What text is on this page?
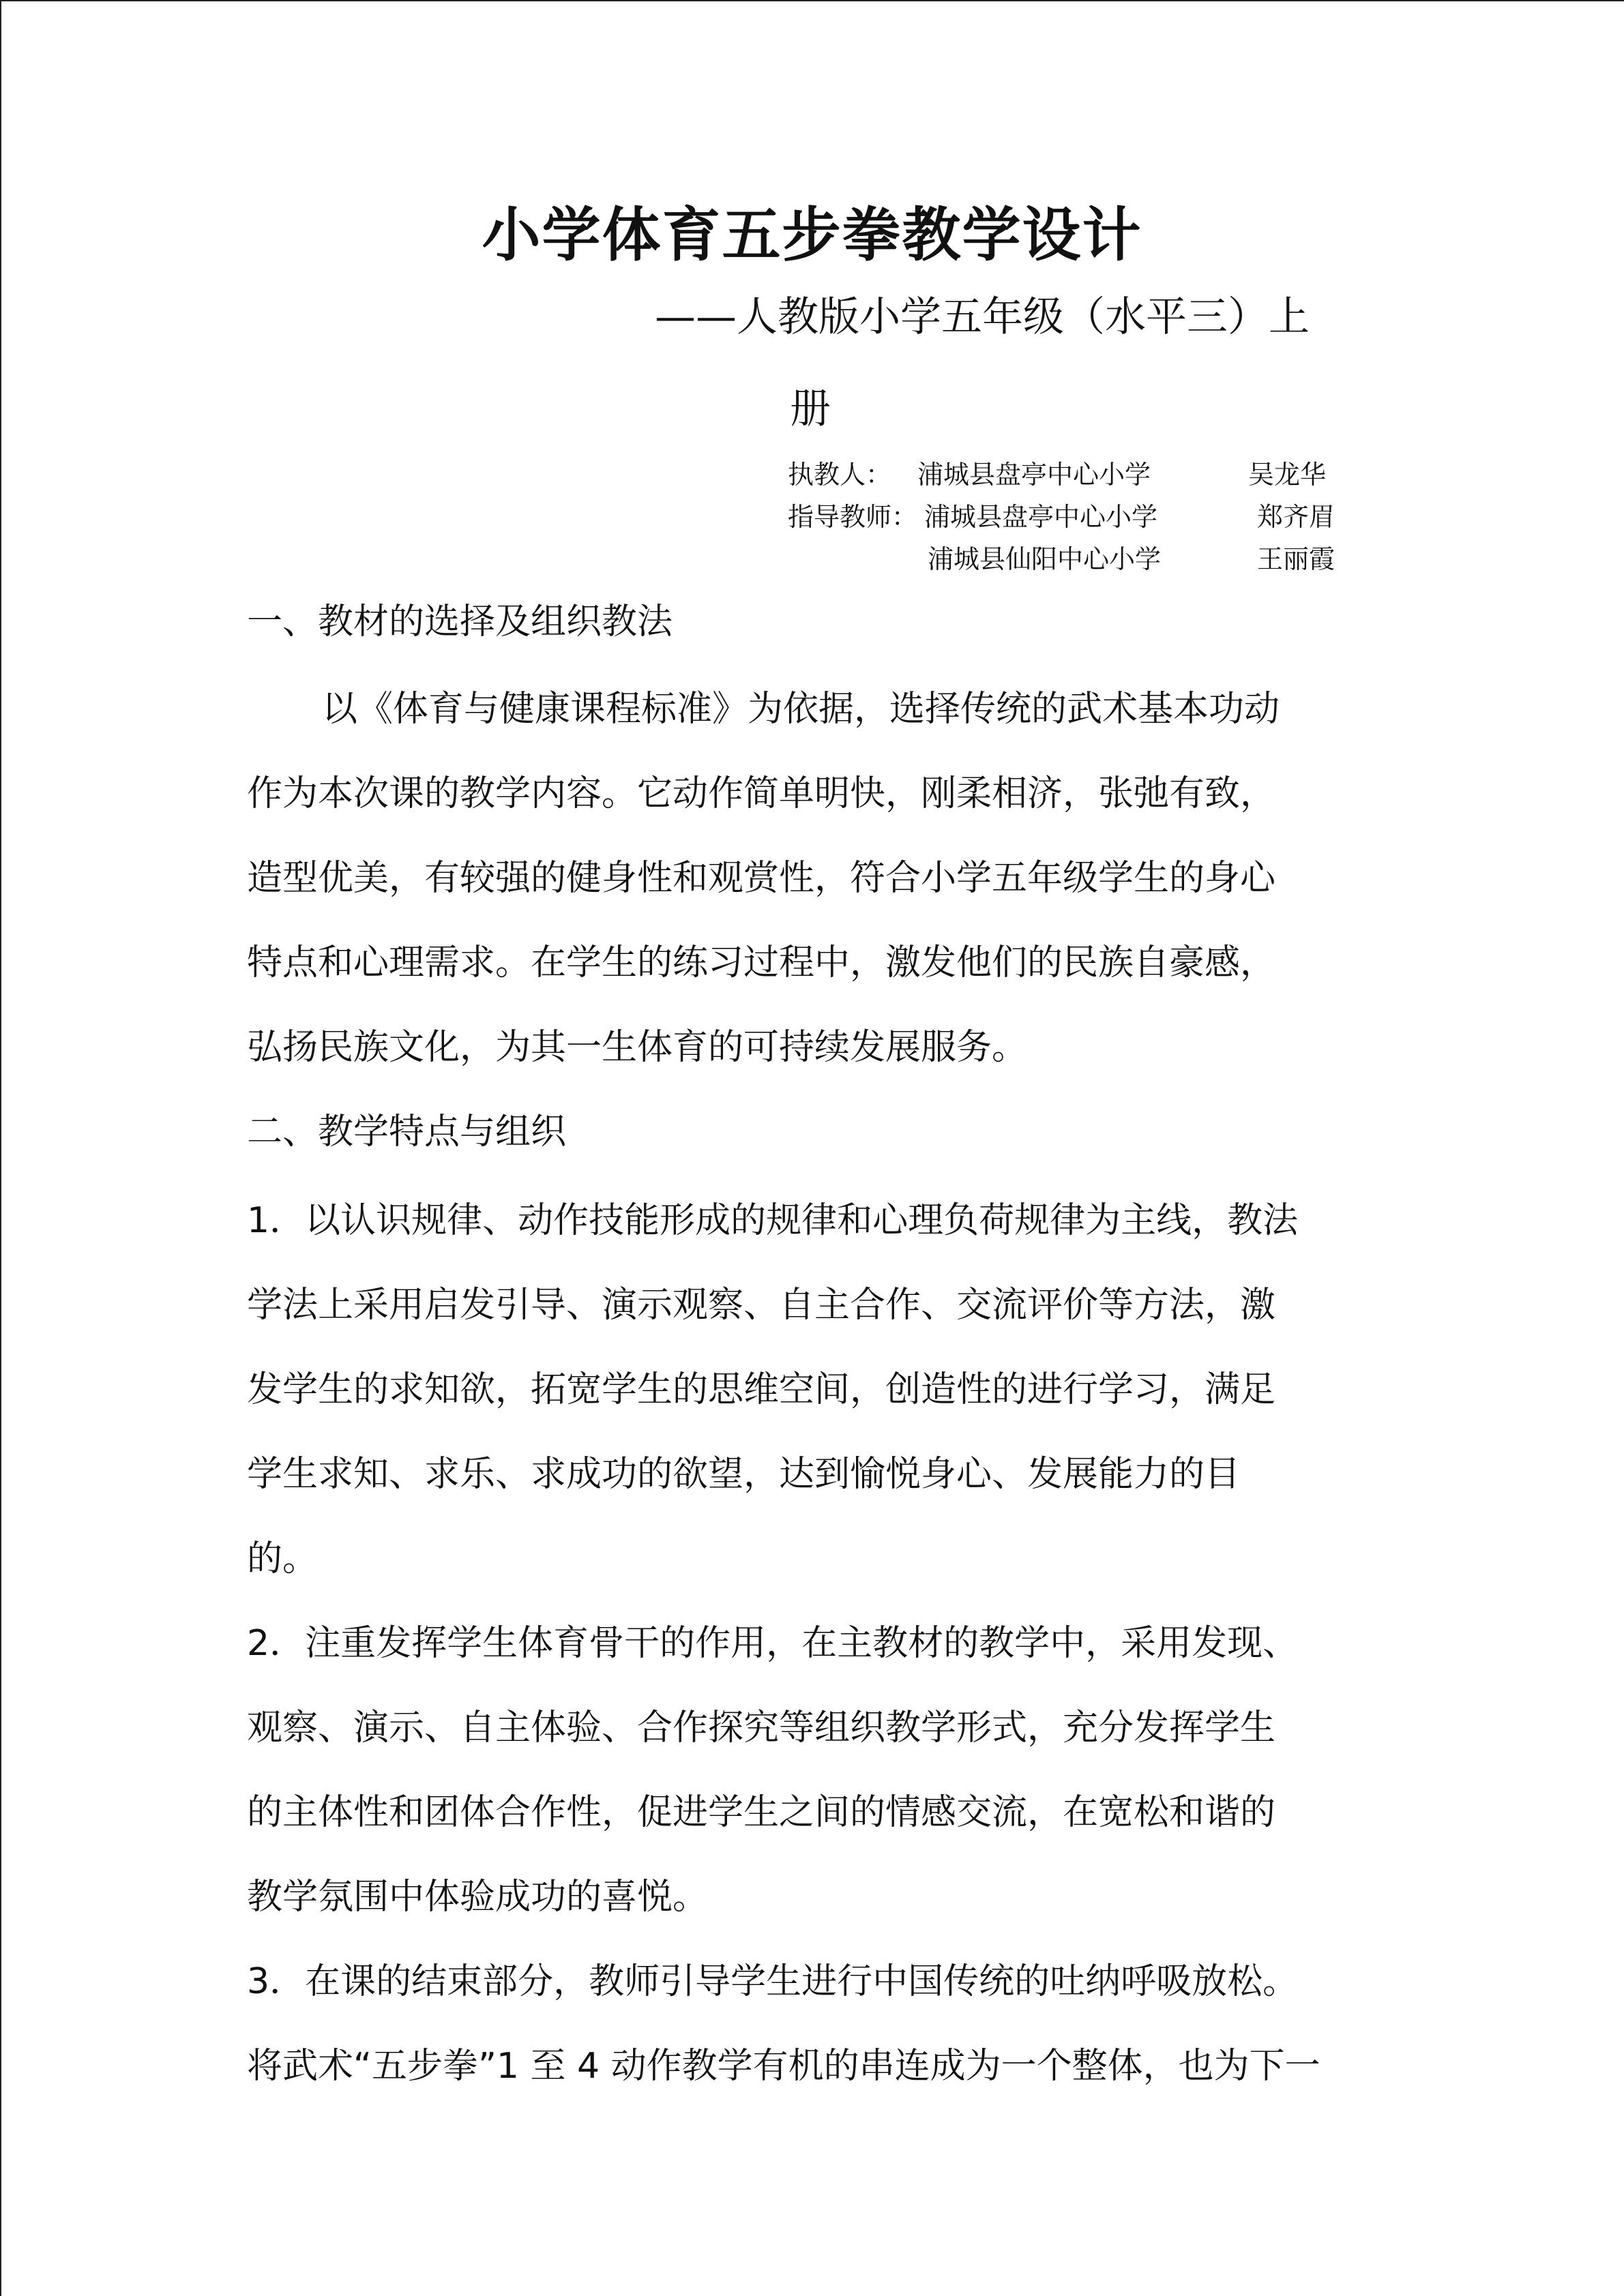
小学体育五步拳教学设计
——人教版小学五年级（水平三）上
册
执教人： 浦城县盘亭中心小学	吴龙华
指导教师： 浦城县盘亭中心小学	郑齐眉
浦城县仙阳中心小学	王丽霞
一、教材的选择及组织教法
以《体育与健康课程标准》为依据，选择传统的武术基本功动
作为本次课的教学内容。它动作简单明快，刚柔相济，张弛有致，
造型优美，有较强的健身性和观赏性，符合小学五年级学生的身心
特点和心理需求。在学生的练习过程中，激发他们的民族自豪感，
弘扬民族文化，为其一生体育的可持续发展服务。
二、教学特点与组织
1．以认识规律、动作技能形成的规律和心理负荷规律为主线，教法
学法上采用启发引导、演示观察、自主合作、交流评价等方法，激
发学生的求知欲，拓宽学生的思维空间，创造性的进行学习，满足
学生求知、求乐、求成功的欲望，达到愉悦身心、发展能力的目
的。
2．注重发挥学生体育骨干的作用，在主教材的教学中，采用发现、
观察、演示、自主体验、合作探究等组织教学形式，充分发挥学生
的主体性和团体合作性，促进学生之间的情感交流，在宽松和谐的
教学氛围中体验成功的喜悦。
3．在课的结束部分，教师引导学生进行中国传统的吐纳呼吸放松。
将武术“五步拳”1 至 4 动作教学有机的串连成为一个整体，也为下一
